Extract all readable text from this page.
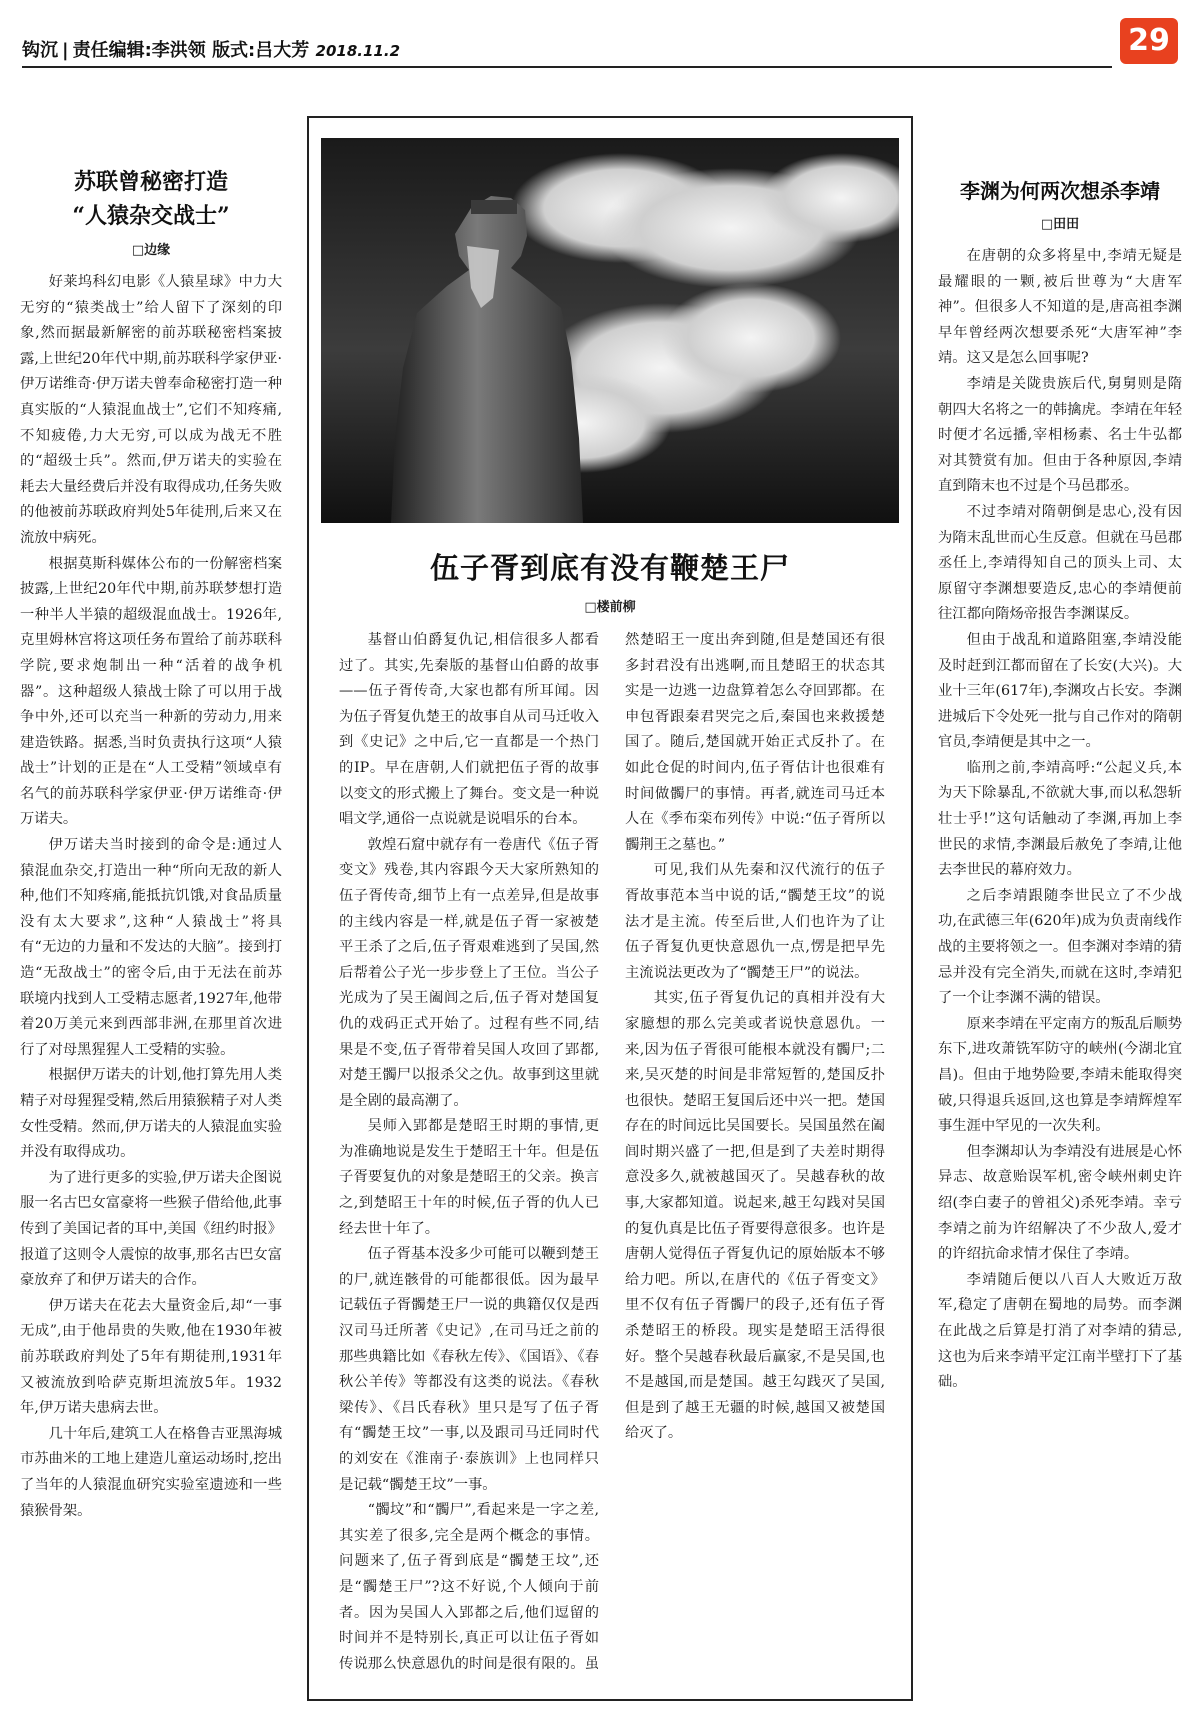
钩沉 | 责任编辑:李洪领 版式:吕大芳 2018.11.2	29
苏联曾秘密打造
“人猿杂交战士”
□边缘

好莱坞科幻电影《人猿星球》中力大无穷的“猿类战士”给人留下了深刻的印象,然而据最新解密的前苏联秘密档案披露,上世纪20年代中期,前苏联科学家伊亚·伊万诺维奇·伊万诺夫曾奉命秘密打造一种真实版的“人猿混血战士”,它们不知疼痛,不知疲倦,力大无穷,可以成为战无不胜的“超级士兵”。然而,伊万诺夫的实验在耗去大量经费后并没有取得成功,任务失败的他被前苏联政府判处5年徒刑,后来又在流放中病死。

根据莫斯科媒体公布的一份解密档案披露,上世纪20年代中期,前苏联梦想打造一种半人半猿的超级混血战士。1926年,克里姆林宫将这项任务布置给了前苏联科学院,要求炮制出一种“活着的战争机器”。这种超级人猿战士除了可以用于战争中外,还可以充当一种新的劳动力,用来建造铁路。据悉,当时负责执行这项“人猿战士”计划的正是在“人工受精”领域卓有名气的前苏联科学家伊亚·伊万诺维奇·伊万诺夫。

伊万诺夫当时接到的命令是:通过人猿混血杂交,打造出一种“所向无敌的新人种,他们不知疼痛,能抵抗饥饿,对食品质量没有太大要求”,这种“人猿战士”将具有“无边的力量和不发达的大脑”。接到打造“无敌战士”的密令后,由于无法在前苏联境内找到人工受精志愿者,1927年,他带着20万美元来到西部非洲,在那里首次进行了对母黑猩猩人工受精的实验。

根据伊万诺夫的计划,他打算先用人类精子对母猩猩受精,然后用猿猴精子对人类女性受精。然而,伊万诺夫的人猿混血实验并没有取得成功。

为了进行更多的实验,伊万诺夫企图说服一名古巴女富豪将一些猴子借给他,此事传到了美国记者的耳中,美国《纽约时报》报道了这则令人震惊的故事,那名古巴女富豪放弃了和伊万诺夫的合作。

伊万诺夫在花去大量资金后,却“一事无成”,由于他昂贵的失败,他在1930年被前苏联政府判处了5年有期徒刑,1931年又被流放到哈萨克斯坦流放5年。1932年,伊万诺夫患病去世。

几十年后,建筑工人在格鲁吉亚黑海城市苏曲米的工地上建造儿童运动场时,挖出了当年的人猿混血研究实验室遗迹和一些猿猴骨架。

伍子胥到底有没有鞭楚王尸
□楼前柳

基督山伯爵复仇记,相信很多人都看过了。其实,先秦版的基督山伯爵的故事——伍子胥传奇,大家也都有所耳闻。因为伍子胥复仇楚王的故事自从司马迁收入到《史记》之中后,它一直都是一个热门的IP。早在唐朝,人们就把伍子胥的故事以变文的形式搬上了舞台。变文是一种说唱文学,通俗一点说就是说唱乐的台本。

敦煌石窟中就存有一卷唐代《伍子胥变文》残卷,其内容跟今天大家所熟知的伍子胥传奇,细节上有一点差异,但是故事的主线内容是一样,就是伍子胥一家被楚平王杀了之后,伍子胥艰难逃到了吴国,然后帮着公子光一步步登上了王位。当公子光成为了吴王阖闾之后,伍子胥对楚国复仇的戏码正式开始了。过程有些不同,结果是不变,伍子胥带着吴国人攻回了郢都,对楚王髑尸以报杀父之仇。故事到这里就是全剧的最高潮了。

吴师入郢都是楚昭王时期的事情,更为准确地说是发生于楚昭王十年。但是伍子胥要复仇的对象是楚昭王的父亲。换言之,到楚昭王十年的时候,伍子胥的仇人已经去世十年了。

伍子胥基本没多少可能可以鞭到楚王的尸,就连骸骨的可能都很低。因为最早记载伍子胥髑楚王尸一说的典籍仅仅是西汉司马迁所著《史记》,在司马迁之前的那些典籍比如《春秋左传》、《国语》、《春秋公羊传》等都没有这类的说法。《春秋梁传》、《吕氏春秋》里只是写了伍子胥有“髑楚王坟”一事,以及跟司马迁同时代的刘安在《淮南子·泰族训》上也同样只是记载“髑楚王坟”一事。

“髑坟”和“髑尸”,看起来是一字之差,其实差了很多,完全是两个概念的事情。问题来了,伍子胥到底是“髑楚王坟”,还是“髑楚王尸”?这不好说,个人倾向于前者。因为吴国人入郢都之后,他们逗留的时间并不是特别长,真正可以让伍子胥如传说那么快意恩仇的时间是很有限的。虽然楚昭王一度出奔到随,但是楚国还有很多封君没有出逃啊,而且楚昭王的状态其实是一边逃一边盘算着怎么夺回郢都。在申包胥跟秦君哭完之后,秦国也来救援楚国了。随后,楚国就开始正式反扑了。在如此仓促的时间内,伍子胥估计也很难有时间做髑尸的事情。再者,就连司马迁本人在《季布栾布列传》中说:“伍子胥所以髑荆王之墓也。”

可见,我们从先秦和汉代流行的伍子胥故事范本当中说的话,“髑楚王坟”的说法才是主流。传至后世,人们也许为了让伍子胥复仇更快意恩仇一点,愣是把早先主流说法更改为了“髑楚王尸”的说法。

其实,伍子胥复仇记的真相并没有大家臆想的那么完美或者说快意恩仇。一来,因为伍子胥很可能根本就没有髑尸;二来,吴灭楚的时间是非常短暂的,楚国反扑也很快。楚昭王复国后还中兴一把。楚国存在的时间远比吴国要长。吴国虽然在阖闾时期兴盛了一把,但是到了夫差时期得意没多久,就被越国灭了。吴越春秋的故事,大家都知道。说起来,越王勾践对吴国的复仇真是比伍子胥要得意很多。也许是唐朝人觉得伍子胥复仇记的原始版本不够给力吧。所以,在唐代的《伍子胥变文》里不仅有伍子胥髑尸的段子,还有伍子胥杀楚昭王的桥段。现实是楚昭王活得很好。整个吴越春秋最后赢家,不是吴国,也不是越国,而是楚国。越王勾践灭了吴国,但是到了越王无疆的时候,越国又被楚国给灭了。

李渊为何两次想杀李靖
□田田

在唐朝的众多将星中,李靖无疑是最耀眼的一颗,被后世尊为“大唐军神”。但很多人不知道的是,唐高祖李渊早年曾经两次想要杀死“大唐军神”李靖。这又是怎么回事呢?

李靖是关陇贵族后代,舅舅则是隋朝四大名将之一的韩擒虎。李靖在年轻时便才名远播,宰相杨素、名士牛弘都对其赞赏有加。但由于各种原因,李靖直到隋末也不过是个马邑郡丞。

不过李靖对隋朝倒是忠心,没有因为隋末乱世而心生反意。但就在马邑郡丞任上,李靖得知自己的顶头上司、太原留守李渊想要造反,忠心的李靖便前往江都向隋炀帝报告李渊谋反。

但由于战乱和道路阻塞,李靖没能及时赶到江都而留在了长安(大兴)。大业十三年(617年),李渊攻占长安。李渊进城后下令处死一批与自己作对的隋朝官员,李靖便是其中之一。

临刑之前,李靖高呼:“公起义兵,本为天下除暴乱,不欲就大事,而以私怨斩壮士乎!”这句话触动了李渊,再加上李世民的求情,李渊最后赦免了李靖,让他去李世民的幕府效力。

之后李靖跟随李世民立了不少战功,在武德三年(620年)成为负责南线作战的主要将领之一。但李渊对李靖的猜忌并没有完全消失,而就在这时,李靖犯了一个让李渊不满的错误。

原来李靖在平定南方的叛乱后顺势东下,进攻萧铣军防守的峡州(今湖北宜昌)。但由于地势险要,李靖未能取得突破,只得退兵返回,这也算是李靖辉煌军事生涯中罕见的一次失利。

但李渊却认为李靖没有进展是心怀异志、故意贻误军机,密令峡州刺史许绍(李白妻子的曾祖父)杀死李靖。幸亏李靖之前为许绍解决了不少敌人,爱才的许绍抗命求情才保住了李靖。

李靖随后便以八百人大败近万敌军,稳定了唐朝在蜀地的局势。而李渊在此战之后算是打消了对李靖的猜忌,这也为后来李靖平定江南半壁打下了基础。
